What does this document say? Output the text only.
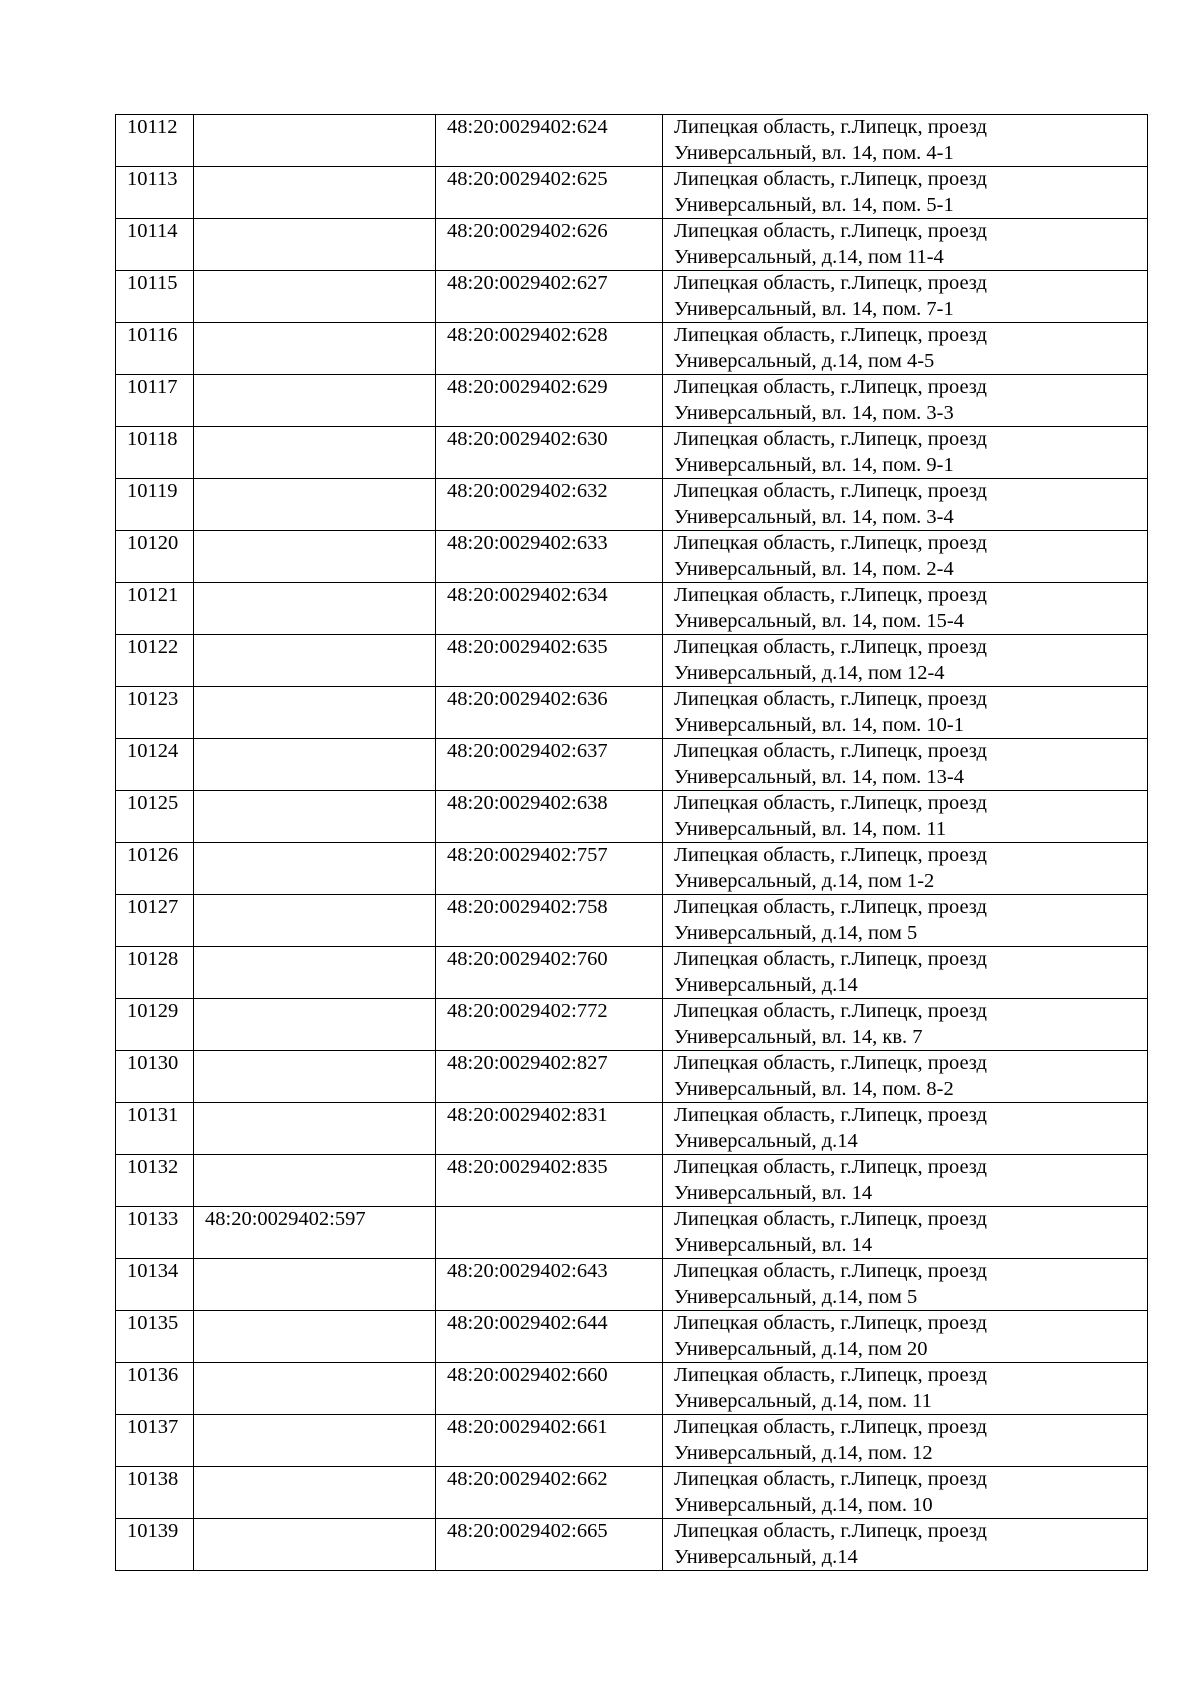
10112		48:20:0029402:624	Липецкая область, г.Липецк, проезд
Универсальный, вл. 14, пом. 4-1

10113		48:20:0029402:625	Липецкая область, г.Липецк, проезд
Универсальный, вл. 14, пом. 5-1

10114		48:20:0029402:626	Липецкая область, г.Липецк, проезд
Универсальный, д.14, пом 11-4

10115		48:20:0029402:627	Липецкая область, г.Липецк, проезд
Универсальный, вл. 14, пом. 7-1

10116		48:20:0029402:628	Липецкая область, г.Липецк, проезд
Универсальный, д.14, пом 4-5

10117		48:20:0029402:629	Липецкая область, г.Липецк, проезд
Универсальный, вл. 14, пом. 3-3

10118		48:20:0029402:630	Липецкая область, г.Липецк, проезд
Универсальный, вл. 14, пом. 9-1

10119		48:20:0029402:632	Липецкая область, г.Липецк, проезд
Универсальный, вл. 14, пом. 3-4

10120		48:20:0029402:633	Липецкая область, г.Липецк, проезд
Универсальный, вл. 14, пом. 2-4

10121		48:20:0029402:634	Липецкая область, г.Липецк, проезд
Универсальный, вл. 14, пом. 15-4

10122		48:20:0029402:635	Липецкая область, г.Липецк, проезд
Универсальный, д.14, пом 12-4

10123		48:20:0029402:636	Липецкая область, г.Липецк, проезд
Универсальный, вл. 14, пом. 10-1

10124		48:20:0029402:637	Липецкая область, г.Липецк, проезд
Универсальный, вл. 14, пом. 13-4

10125		48:20:0029402:638	Липецкая область, г.Липецк, проезд
Универсальный, вл. 14, пом. 11

10126		48:20:0029402:757	Липецкая область, г.Липецк, проезд
Универсальный, д.14, пом 1-2

10127		48:20:0029402:758	Липецкая область, г.Липецк, проезд
Универсальный, д.14, пом 5

10128		48:20:0029402:760	Липецкая область, г.Липецк, проезд
Универсальный, д.14

10129		48:20:0029402:772	Липецкая область, г.Липецк, проезд
Универсальный, вл. 14, кв. 7

10130		48:20:0029402:827	Липецкая область, г.Липецк, проезд
Универсальный, вл. 14, пом. 8-2

10131		48:20:0029402:831	Липецкая область, г.Липецк, проезд
Универсальный, д.14

10132		48:20:0029402:835	Липецкая область, г.Липецк, проезд
Универсальный, вл. 14

10133	48:20:0029402:597		Липецкая область, г.Липецк, проезд
Универсальный, вл. 14

10134		48:20:0029402:643	Липецкая область, г.Липецк, проезд
Универсальный, д.14, пом 5

10135		48:20:0029402:644	Липецкая область, г.Липецк, проезд
Универсальный, д.14, пом 20

10136		48:20:0029402:660	Липецкая область, г.Липецк, проезд
Универсальный, д.14, пом. 11

10137		48:20:0029402:661	Липецкая область, г.Липецк, проезд
Универсальный, д.14, пом. 12

10138		48:20:0029402:662	Липецкая область, г.Липецк, проезд
Универсальный, д.14, пом. 10

10139		48:20:0029402:665	Липецкая область, г.Липецк, проезд
Универсальный, д.14
